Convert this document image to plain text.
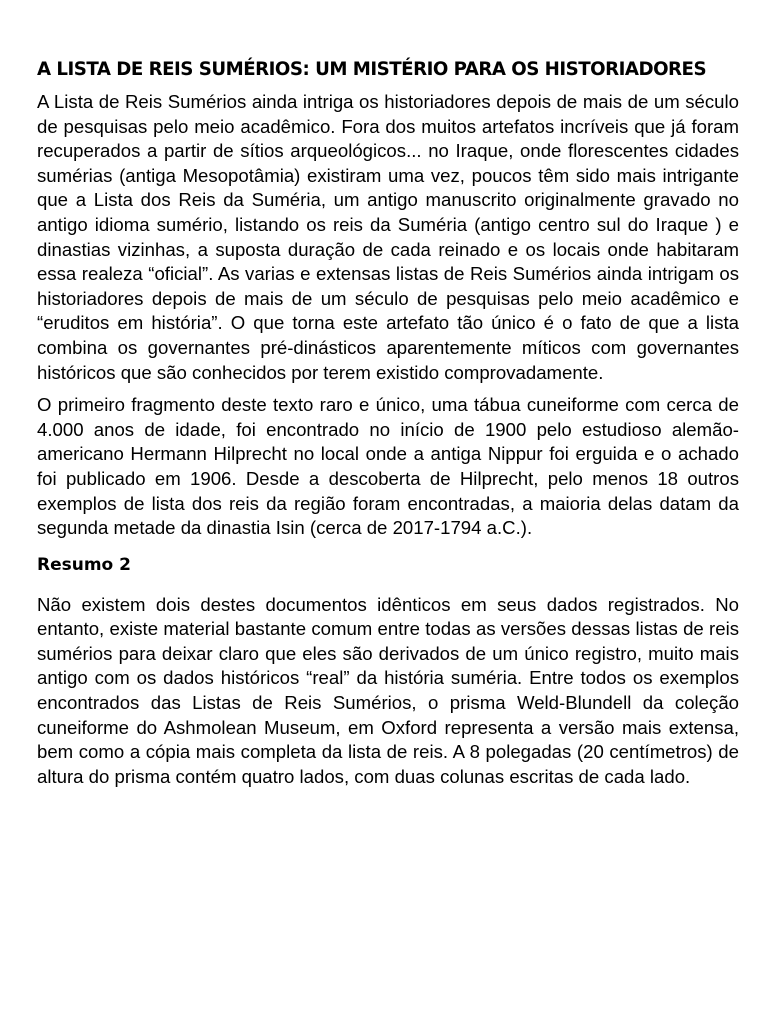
A LISTA DE REIS SUMÉRIOS: UM MISTÉRIO PARA OS HISTORIADORES

A Lista de Reis Sumérios ainda intriga os historiadores depois de mais de um século de pesquisas pelo meio acadêmico. Fora dos muitos artefatos incríveis que já foram recuperados a partir de sítios arqueológicos... no Iraque, onde florescentes cidades sumérias (antiga Mesopotâmia) existiram uma vez, poucos têm sido mais intrigante que a Lista dos Reis da Suméria, um antigo manuscrito originalmente gravado no antigo idioma sumério, listando os reis da Suméria (antigo centro sul do Iraque ) e dinastias vizinhas, a suposta duração de cada reinado e os locais onde habitaram essa realeza “oficial”. As varias e extensas listas de Reis Sumérios ainda intrigam os historiadores depois de mais de um século de pesquisas pelo meio acadêmico e “eruditos em história”. O que torna este artefato tão único é o fato de que a lista combina os governantes pré-dinásticos aparentemente míticos com governantes históricos que são conhecidos por terem existido comprovadamente.

O primeiro fragmento deste texto raro e único, uma tábua cuneiforme com cerca de 4.000 anos de idade, foi encontrado no início de 1900 pelo estudioso alemão-americano Hermann Hilprecht no local onde a antiga Nippur foi erguida e o achado foi publicado em 1906. Desde a descoberta de Hilprecht, pelo menos 18 outros exemplos de lista dos reis da região foram encontradas, a maioria delas datam da segunda metade da dinastia Isin (cerca de 2017-1794 a.C.).

Resumo 2

Não existem dois destes documentos idênticos em seus dados registrados. No entanto, existe material bastante comum entre todas as versões dessas listas de reis sumérios para deixar claro que eles são derivados de um único registro, muito mais antigo com os dados históricos “real” da história suméria. Entre todos os exemplos encontrados das Listas de Reis Sumérios, o prisma Weld-Blundell da coleção cuneiforme do Ashmolean Museum, em Oxford representa a versão mais extensa, bem como a cópia mais completa da lista de reis. A 8 polegadas (20 centímetros) de altura do prisma contém quatro lados, com duas colunas escritas de cada lado.
